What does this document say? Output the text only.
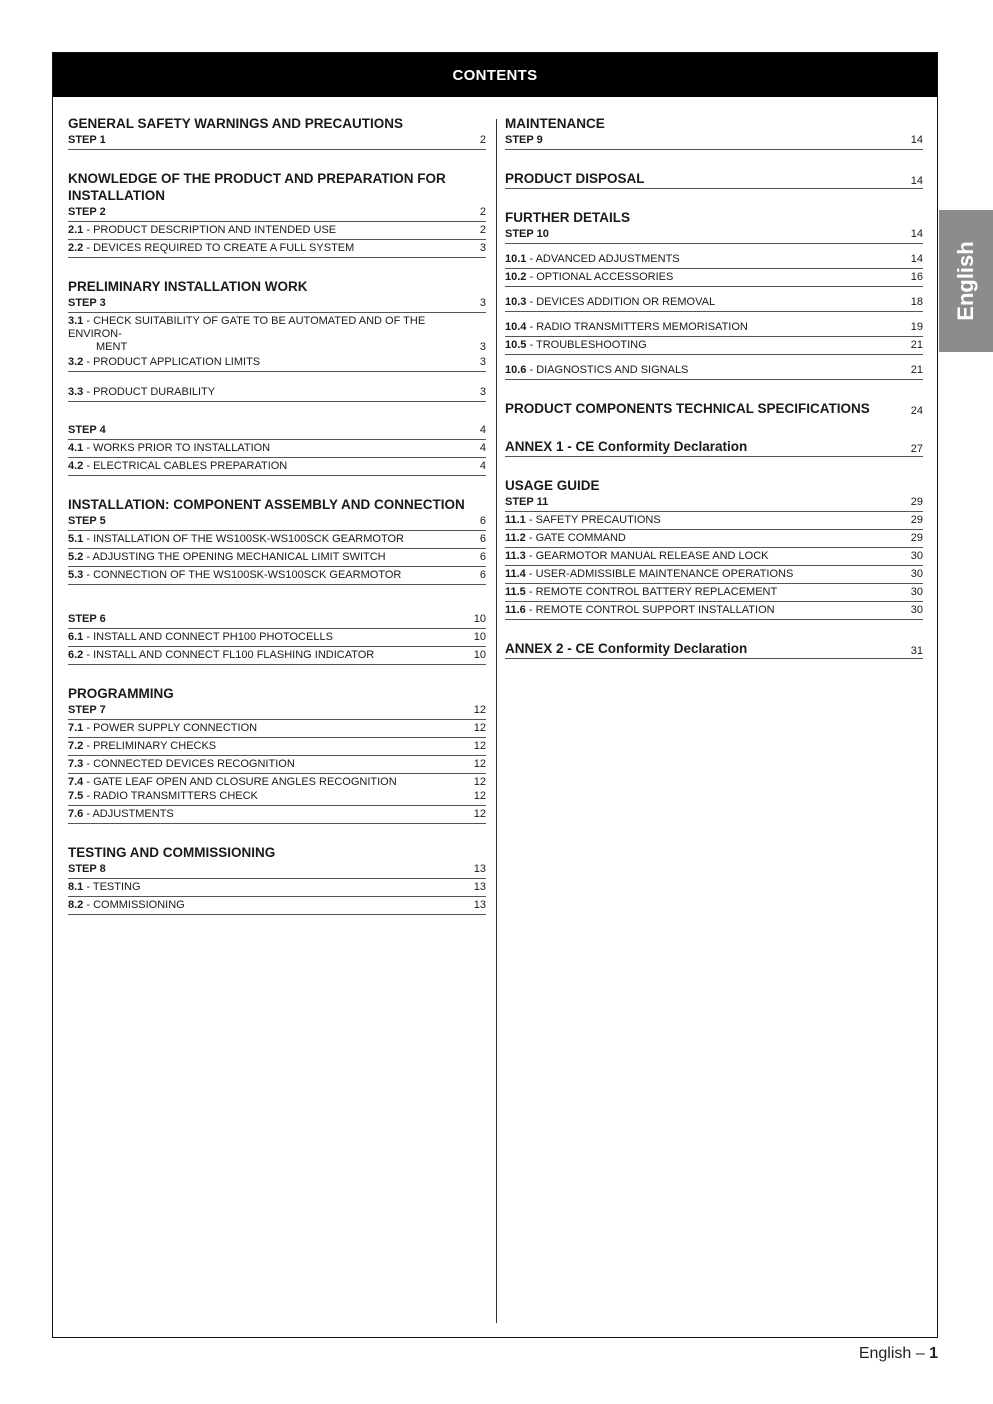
CONTENTS
GENERAL SAFETY WARNINGS AND PRECAUTIONS
STEP 1	2
KNOWLEDGE OF THE PRODUCT AND PREPARATION FOR INSTALLATION
STEP 2	2
2.1 - PRODUCT DESCRIPTION AND INTENDED USE	2
2.2 - DEVICES REQUIRED TO CREATE A FULL SYSTEM	3
PRELIMINARY INSTALLATION WORK
STEP 3	3
3.1 - CHECK SUITABILITY OF GATE TO BE AUTOMATED AND OF THE ENVIRON-
MENT	3
3.2 - PRODUCT APPLICATION LIMITS	3
3.3 - PRODUCT DURABILITY	3
STEP 4	4
4.1 - WORKS PRIOR TO INSTALLATION	4
4.2 - ELECTRICAL CABLES PREPARATION	4
INSTALLATION: COMPONENT ASSEMBLY AND CONNECTION
STEP 5	6
5.1 - INSTALLATION OF THE WS100SK-WS100SCK GEARMOTOR	6
5.2 - ADJUSTING THE OPENING MECHANICAL LIMIT SWITCH	6
5.3 - CONNECTION OF THE WS100SK-WS100SCK GEARMOTOR	6
STEP 6	10
6.1 - INSTALL AND CONNECT PH100 PHOTOCELLS	10
6.2 - INSTALL AND CONNECT FL100 FLASHING INDICATOR	10
PROGRAMMING
STEP 7	12
7.1 - POWER SUPPLY CONNECTION	12
7.2 - PRELIMINARY CHECKS	12
7.3 - CONNECTED DEVICES RECOGNITION	12
7.4 - GATE LEAF OPEN AND CLOSURE ANGLES RECOGNITION	12
7.5 - RADIO TRANSMITTERS CHECK	12
7.6 - ADJUSTMENTS	12
TESTING AND COMMISSIONING
STEP 8	13
8.1 - TESTING	13
8.2 - COMMISSIONING	13
MAINTENANCE
STEP 9	14
PRODUCT DISPOSAL	14
FURTHER DETAILS
STEP 10	14
10.1 - ADVANCED ADJUSTMENTS	14
10.2 - OPTIONAL ACCESSORIES	16
10.3 - DEVICES ADDITION OR REMOVAL	18
10.4 - RADIO TRANSMITTERS MEMORISATION	19
10.5 - TROUBLESHOOTING	21
10.6 - DIAGNOSTICS AND SIGNALS	21
PRODUCT COMPONENTS TECHNICAL SPECIFICATIONS	24
ANNEX 1 - CE Conformity Declaration	27
USAGE GUIDE
STEP 11	29
11.1 - SAFETY PRECAUTIONS	29
11.2 - GATE COMMAND	29
11.3 - GEARMOTOR MANUAL RELEASE AND LOCK	30
11.4 - USER-ADMISSIBLE MAINTENANCE OPERATIONS	30
11.5 - REMOTE CONTROL BATTERY REPLACEMENT	30
11.6 - REMOTE CONTROL SUPPORT INSTALLATION	30
ANNEX 2 - CE Conformity Declaration	31
English
English – 1
